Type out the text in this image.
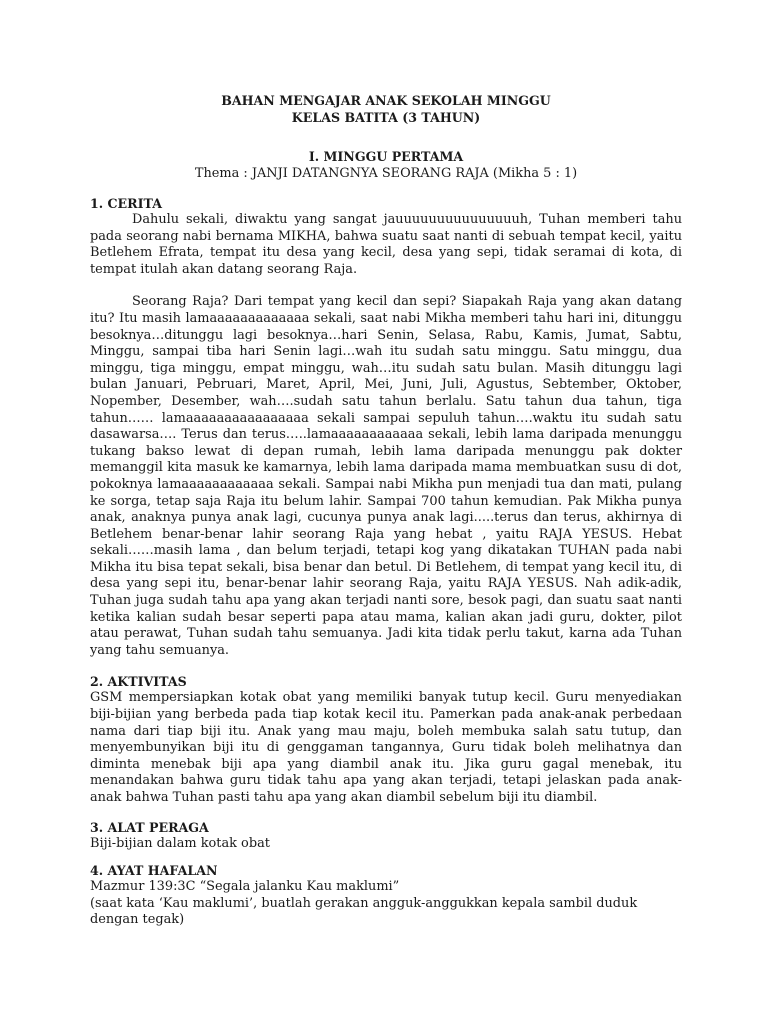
BAHAN MENGAJAR ANAK SEKOLAH MINGGU
KELAS BATITA (3 TAHUN)
I. MINGGU PERTAMA
Thema : JANJI DATANGNYA SEORANG RAJA (Mikha 5 : 1)
1. CERITA

Dahulu sekali, diwaktu yang sangat jauuuuuuuuuuuuuuuh, Tuhan memberi tahu pada seorang nabi bernama MIKHA, bahwa suatu saat nanti di sebuah tempat kecil, yaitu Betlehem Efrata, tempat itu desa yang kecil, desa yang sepi, tidak seramai di kota, di tempat itulah akan datang seorang Raja.

Seorang Raja? Dari tempat yang kecil dan sepi? Siapakah Raja yang akan datang itu? Itu masih lamaaaaaaaaaaaaa sekali, saat nabi Mikha memberi tahu hari ini, ditunggu besoknya…ditunggu lagi besoknya…hari Senin, Selasa, Rabu, Kamis, Jumat, Sabtu, Minggu, sampai tiba hari Senin lagi…wah itu sudah satu minggu. Satu minggu, dua minggu, tiga minggu, empat minggu, wah…itu sudah satu bulan. Masih ditunggu lagi bulan Januari, Pebruari, Maret, April, Mei, Juni, Juli, Agustus, Sebtember, Oktober, Nopember, Desember, wah….sudah satu tahun berlalu. Satu tahun dua tahun, tiga tahun…… lamaaaaaaaaaaaaaaaa sekali sampai sepuluh tahun….waktu itu sudah satu dasawarsa…. Terus dan terus…..lamaaaaaaaaaaaa sekali, lebih lama daripada menunggu tukang bakso lewat di depan rumah, lebih lama daripada menunggu pak dokter memanggil kita masuk ke kamarnya, lebih lama daripada mama membuatkan susu di dot, pokoknya lamaaaaaaaaaaaa sekali. Sampai nabi Mikha pun menjadi tua dan mati, pulang ke sorga, tetap saja Raja itu belum lahir. Sampai 700 tahun kemudian. Pak Mikha punya anak, anaknya punya anak lagi, cucunya punya anak lagi.....terus dan terus, akhirnya di Betlehem benar-benar lahir seorang Raja yang hebat , yaitu RAJA YESUS. Hebat sekali……masih lama , dan belum terjadi, tetapi kog yang dikatakan TUHAN pada nabi Mikha itu bisa tepat sekali, bisa benar dan betul. Di Betlehem, di tempat yang kecil itu, di desa yang sepi itu, benar-benar lahir seorang Raja, yaitu RAJA YESUS. Nah adik-adik, Tuhan juga sudah tahu apa yang akan terjadi nanti sore, besok pagi, dan suatu saat nanti ketika kalian sudah besar seperti papa atau mama, kalian akan jadi guru, dokter, pilot atau perawat, Tuhan sudah tahu semuanya. Jadi kita tidak perlu takut, karna ada Tuhan yang tahu semuanya.

2. AKTIVITAS

GSM mempersiapkan kotak obat yang memiliki banyak tutup kecil. Guru menyediakan biji-bijian yang berbeda pada tiap kotak kecil itu. Pamerkan pada anak-anak perbedaan nama dari tiap biji itu. Anak yang mau maju, boleh membuka salah satu tutup, dan menyembunyikan biji itu di genggaman tangannya, Guru tidak boleh melihatnya dan diminta menebak biji apa yang diambil anak itu. Jika guru gagal menebak, itu menandakan bahwa guru tidak tahu apa yang akan terjadi, tetapi jelaskan pada anak-anak bahwa Tuhan pasti tahu apa yang akan diambil sebelum biji itu diambil.

3. ALAT PERAGA
Biji-bijian dalam kotak obat
4. AYAT HAFALAN
Mazmur 139:3C “Segala jalanku Kau maklumi”
(saat kata ‘Kau maklumi’, buatlah gerakan angguk-anggukkan kepala sambil duduk dengan tegak)
